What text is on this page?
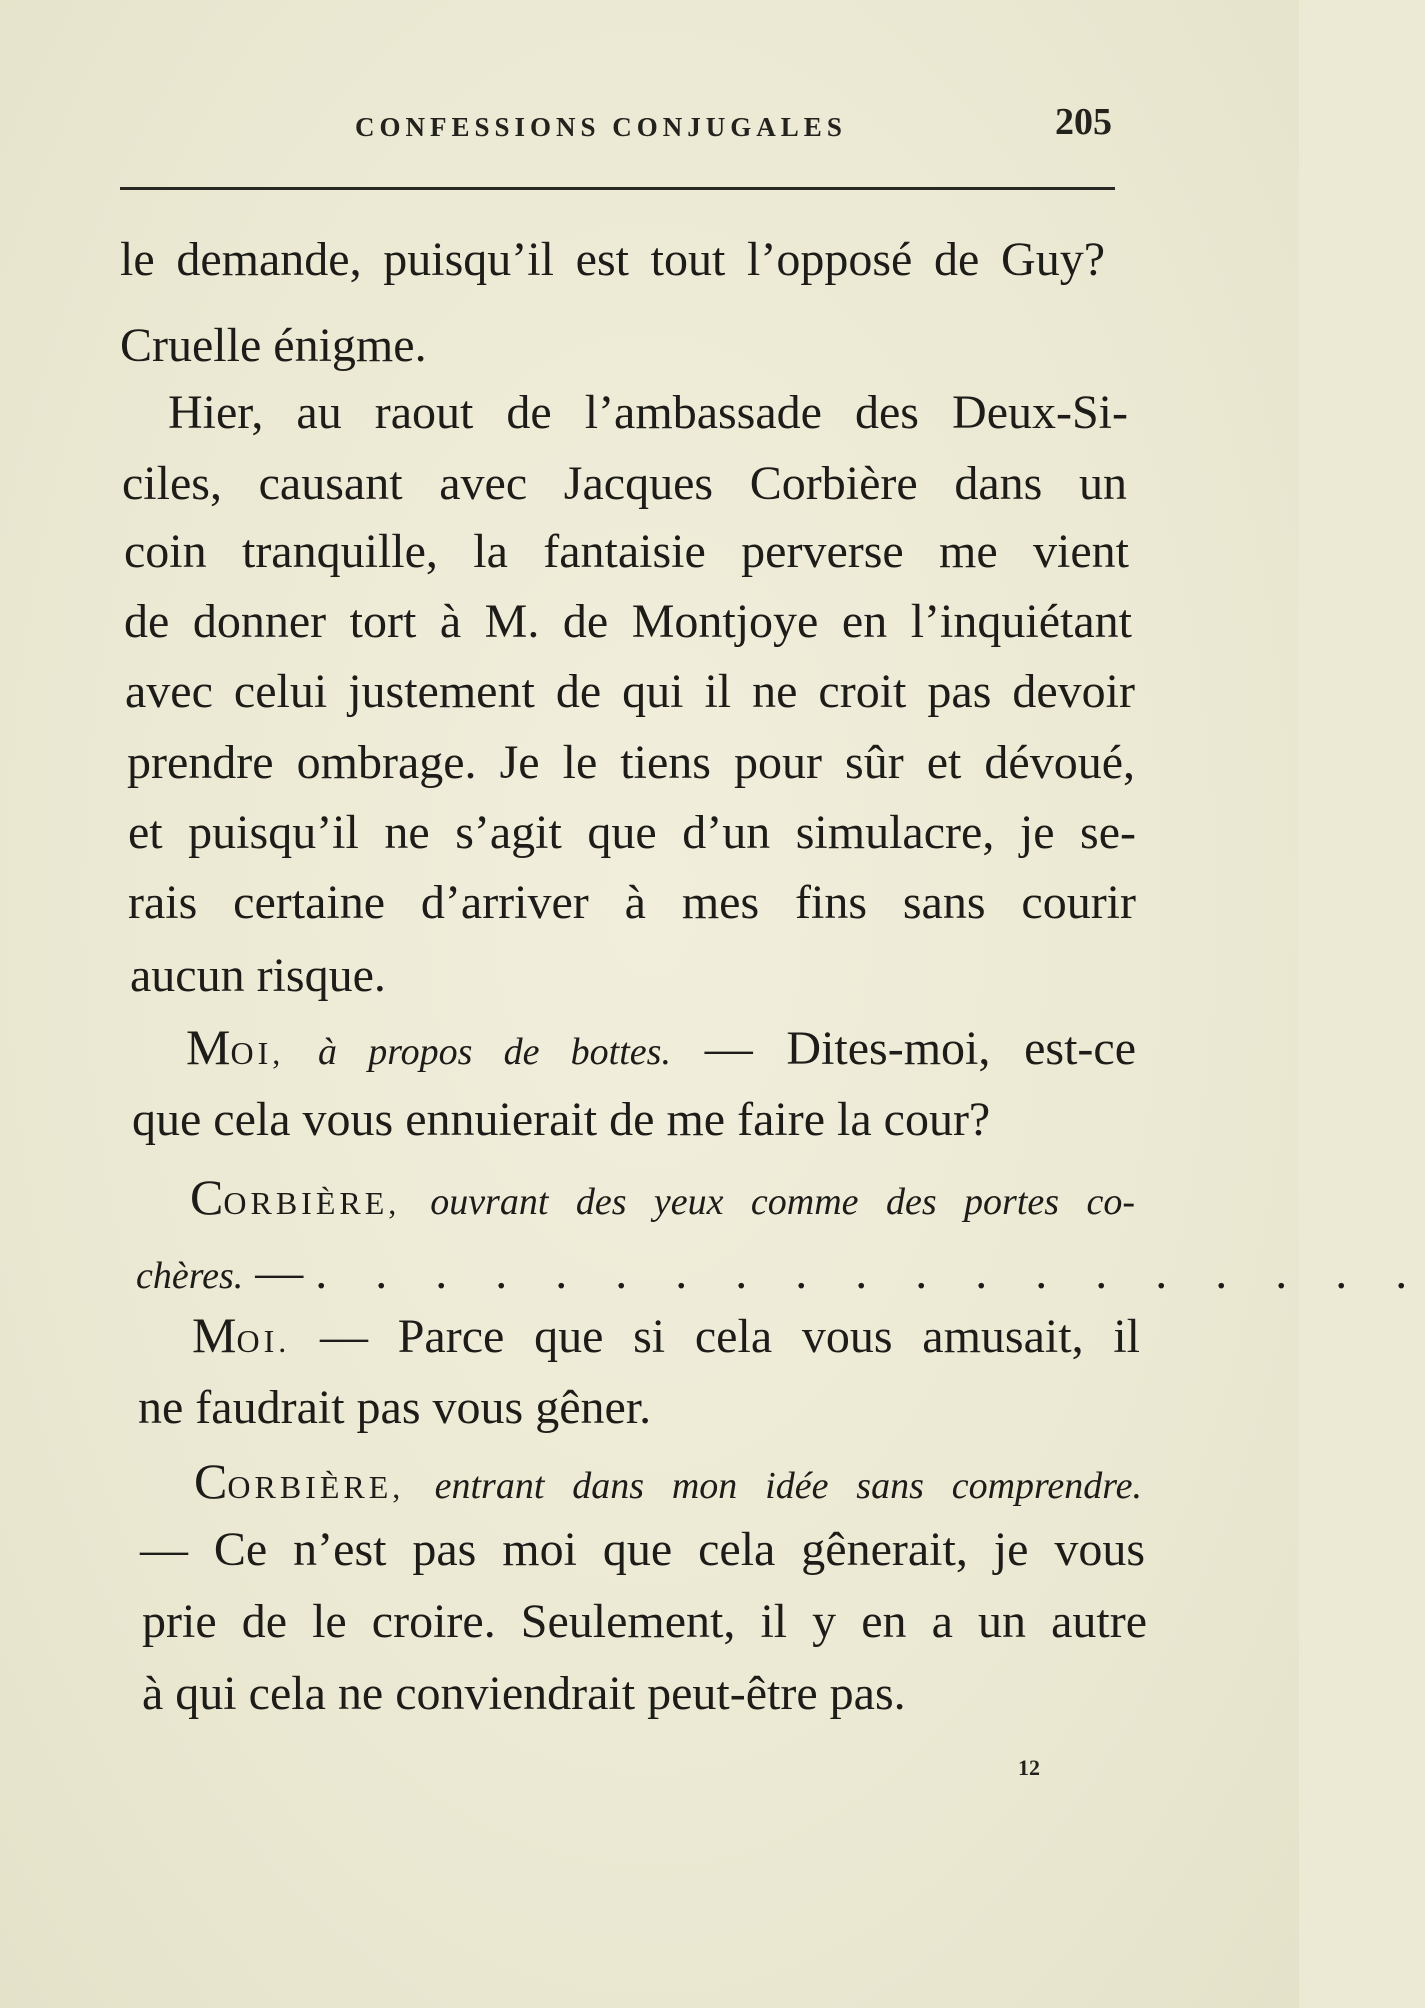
CONFESSIONS CONJUGALES	205
le demande, puisqu’il est tout l’opposé de Guy?
Cruelle énigme.
Hier, au raout de l’ambassade des Deux-Si-
ciles, causant avec Jacques Corbière dans un
coin tranquille, la fantaisie perverse me vient
de donner tort à M. de Montjoye en l’inquiétant
avec celui justement de qui il ne croit pas devoir
prendre ombrage. Je le tiens pour sûr et dévoué,
et puisqu’il ne s’agit que d’un simulacre, je se-
rais certaine d’arriver à mes fins sans courir
aucun risque.
MOI, à propos de bottes. — Dites-moi, est-ce
que cela vous ennuierait de me faire la cour?
CORBIÈRE, ouvrant des yeux comme des portes co-
chères. — . . . . . . . . . . . . . . . . . . .
MOI. — Parce que si cela vous amusait, il
ne faudrait pas vous gêner.
CORBIÈRE, entrant dans mon idée sans comprendre.
— Ce n’est pas moi que cela gênerait, je vous
prie de le croire. Seulement, il y en a un autre
à qui cela ne conviendrait peut-être pas.
12
